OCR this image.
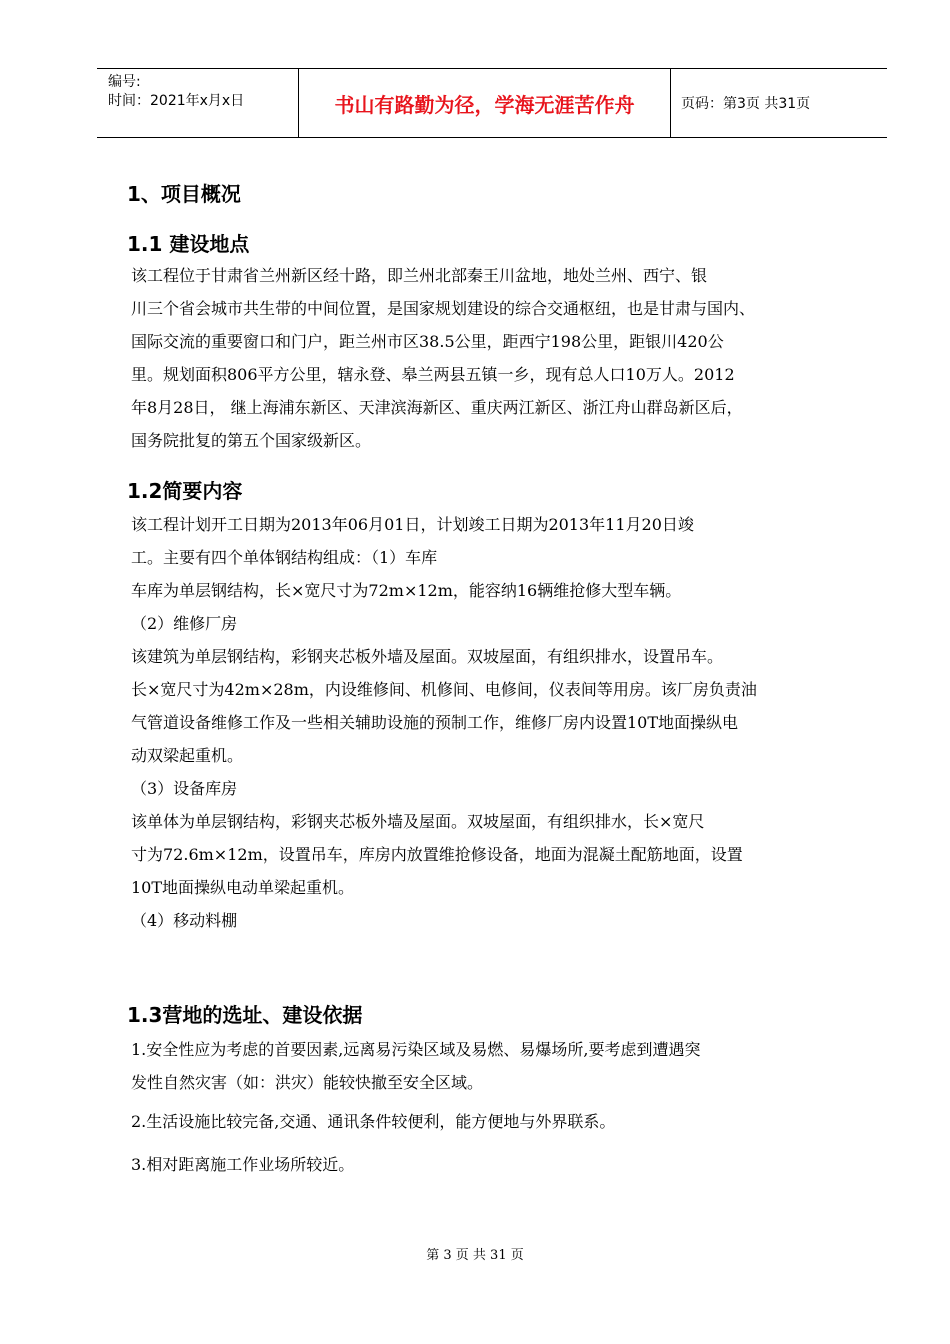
编号:
时间：2021年x月x日	书山有路勤为径，学海无涯苦作舟	页码：第3页 共31页
1、项目概况
1.1 建设地点
该工程位于甘肃省兰州新区经十路，即兰州北部秦王川盆地，地处兰州、西宁、银
川三个省会城市共生带的中间位置，是国家规划建设的综合交通枢纽，也是甘肃与国内、
国际交流的重要窗口和门户，距兰州市区38.5公里，距西宁198公里，距银川420公
里。规划面积806平方公里，辖永登、皋兰两县五镇一乡，现有总人口10万人。2012
年8月28日， 继上海浦东新区、天津滨海新区、重庆两江新区、浙江舟山群岛新区后，
国务院批复的第五个国家级新区。
1.2简要内容
该工程计划开工日期为2013年06月01日，计划竣工日期为2013年11月20日竣
工。主要有四个单体钢结构组成：（1）车库
车库为单层钢结构，长×宽尺寸为72m×12m，能容纳16辆维抢修大型车辆。
（2）维修厂房
该建筑为单层钢结构，彩钢夹芯板外墙及屋面。双坡屋面，有组织排水，设置吊车。
长×宽尺寸为42m×28m，内设维修间、机修间、电修间，仪表间等用房。该厂房负责油
气管道设备维修工作及一些相关辅助设施的预制工作，维修厂房内设置10T地面操纵电
动双梁起重机。
（3）设备库房
该单体为单层钢结构，彩钢夹芯板外墙及屋面。双坡屋面，有组织排水，长×宽尺
寸为72.6m×12m，设置吊车，库房内放置维抢修设备，地面为混凝土配筋地面，设置
10T地面操纵电动单梁起重机。
（4）移动料棚
1.3营地的选址、建设依据
1.安全性应为考虑的首要因素,远离易污染区域及易燃、易爆场所,要考虑到遭遇突
发性自然灾害（如：洪灾）能较快撤至安全区域。
2.生活设施比较完备,交通、通讯条件较便利，能方便地与外界联系。
3.相对距离施工作业场所较近。
第 3 页 共 31 页
